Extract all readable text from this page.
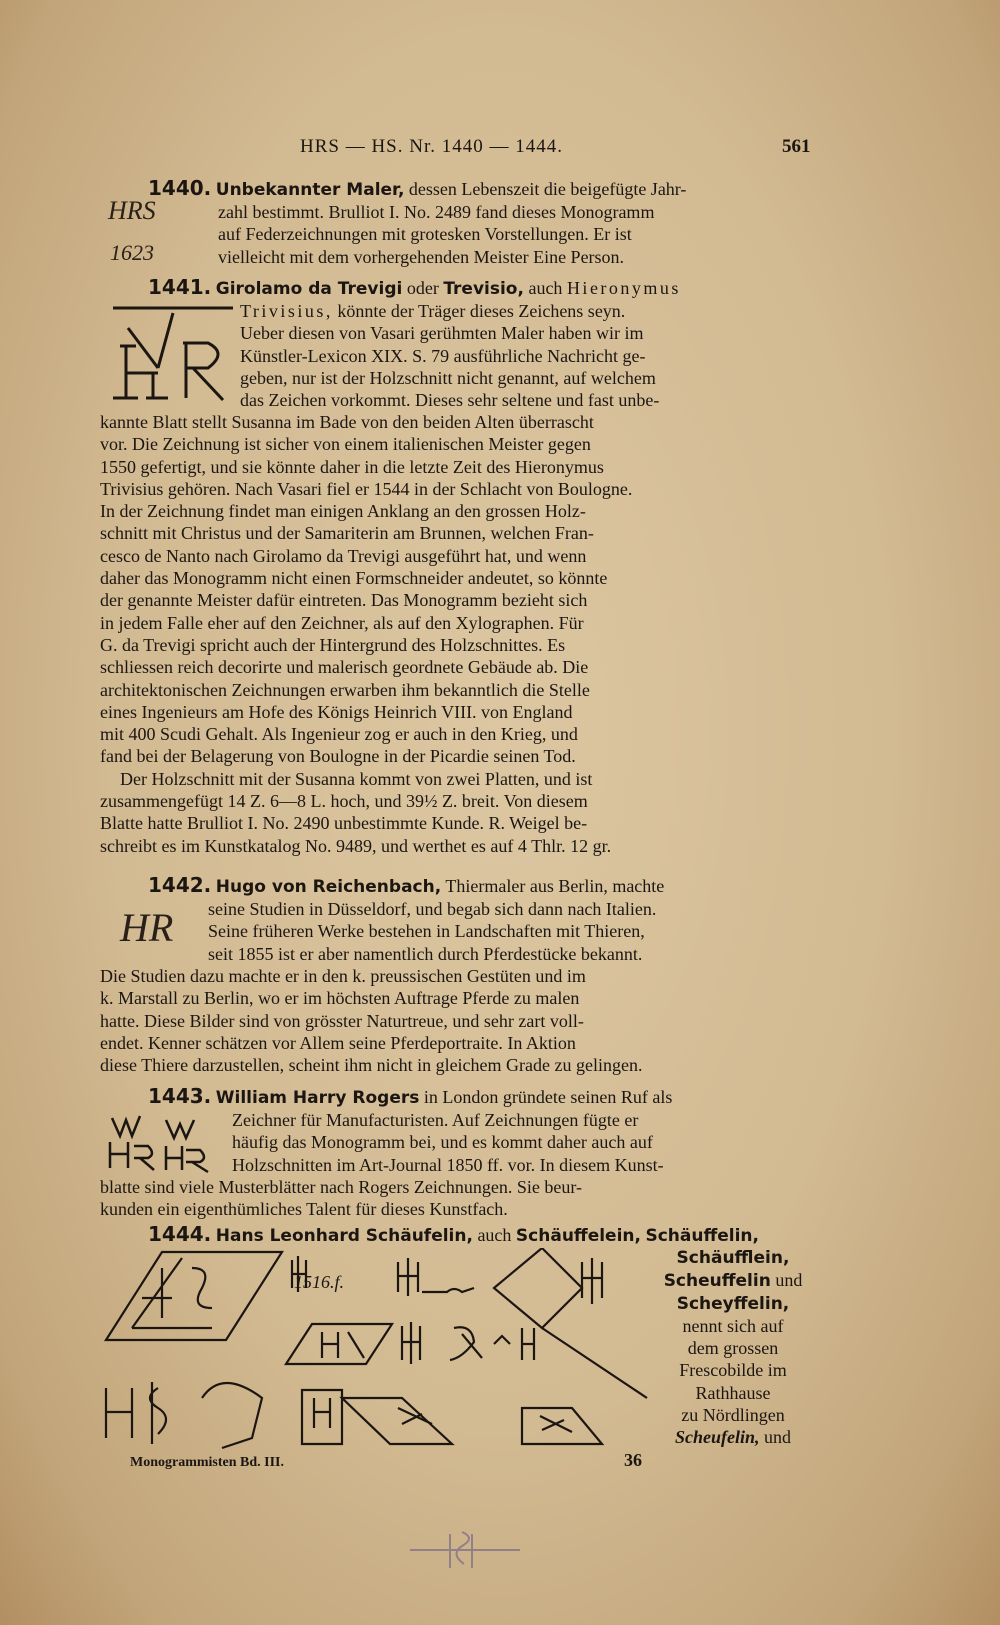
HRS — HS. Nr. 1440 — 1444.	561
1440. Unbekannter Maler, dessen Lebenszeit die beigefügte Jahr-
zahl bestimmt. Brulliot I. No. 2489 fand dieses Monogramm
auf Federzeichnungen mit grotesken Vorstellungen. Er ist
vielleicht mit dem vorhergehenden Meister Eine Person.
HRS
1623
1441. Girolamo da Trevigi oder Trevisio, auch Hieronymus
Trivisius, könnte der Träger dieses Zeichens seyn.
Ueber diesen von Vasari gerühmten Maler haben wir im
Künstler-Lexicon XIX. S. 79 ausführliche Nachricht ge-
geben, nur ist der Holzschnitt nicht genannt, auf welchem
das Zeichen vorkommt. Dieses sehr seltene und fast unbe-
kannte Blatt stellt Susanna im Bade von den beiden Alten überrascht
vor. Die Zeichnung ist sicher von einem italienischen Meister gegen
1550 gefertigt, und sie könnte daher in die letzte Zeit des Hieronymus
Trivisius gehören. Nach Vasari fiel er 1544 in der Schlacht von Boulogne.
In der Zeichnung findet man einigen Anklang an den grossen Holz-
schnitt mit Christus und der Samariterin am Brunnen, welchen Fran-
cesco de Nanto nach Girolamo da Trevigi ausgeführt hat, und wenn
daher das Monogramm nicht einen Formschneider andeutet, so könnte
der genannte Meister dafür eintreten. Das Monogramm bezieht sich
in jedem Falle eher auf den Zeichner, als auf den Xylographen. Für
G. da Trevigi spricht auch der Hintergrund des Holzschnittes. Es
schliessen reich decorirte und malerisch geordnete Gebäude ab. Die
architektonischen Zeichnungen erwarben ihm bekanntlich die Stelle
eines Ingenieurs am Hofe des Königs Heinrich VIII. von England
mit 400 Scudi Gehalt. Als Ingenieur zog er auch in den Krieg, und
fand bei der Belagerung von Boulogne in der Picardie seinen Tod.
Der Holzschnitt mit der Susanna kommt von zwei Platten, und ist
zusammengefügt 14 Z. 6—8 L. hoch, und 39½ Z. breit. Von diesem
Blatte hatte Brulliot I. No. 2490 unbestimmte Kunde. R. Weigel be-
schreibt es im Kunstkatalog No. 9489, und werthet es auf 4 Thlr. 12 gr.
1442. Hugo von Reichenbach, Thiermaler aus Berlin, machte
seine Studien in Düsseldorf, und begab sich dann nach Italien.
Seine früheren Werke bestehen in Landschaften mit Thieren,
seit 1855 ist er aber namentlich durch Pferdestücke bekannt.
HR
Die Studien dazu machte er in den k. preussischen Gestüten und im
k. Marstall zu Berlin, wo er im höchsten Auftrage Pferde zu malen
hatte. Diese Bilder sind von grösster Naturtreue, und sehr zart voll-
endet. Kenner schätzen vor Allem seine Pferdeportraite. In Aktion
diese Thiere darzustellen, scheint ihm nicht in gleichem Grade zu gelingen.
1443. William Harry Rogers in London gründete seinen Ruf als
Zeichner für Manufacturisten. Auf Zeichnungen fügte er
häufig das Monogramm bei, und es kommt daher auch auf
Holzschnitten im Art-Journal 1850 ff. vor. In diesem Kunst-
blatte sind viele Musterblätter nach Rogers Zeichnungen. Sie beur-
kunden ein eigenthümliches Talent für dieses Kunstfach.
1444. Hans Leonhard Schäufelin, auch Schäuffelein, Schäuffelin,
Schäufflein,
Scheuffelin und
Scheyffelin,
nennt sich auf
dem grossen
Frescobilde im
Rathhause
zu Nördlingen
Scheufelin, und
1516.f.
Monogrammisten Bd. III.	36
